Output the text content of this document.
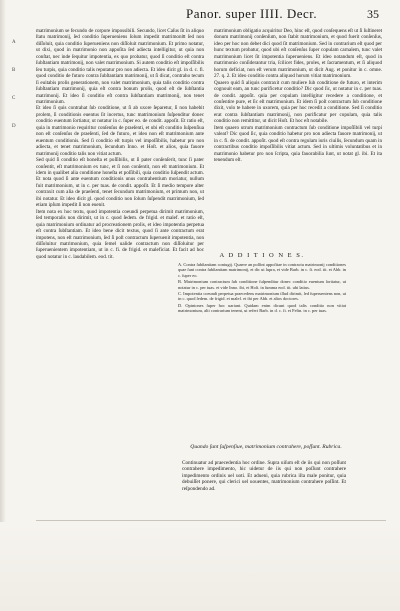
Panor. super IIII. Decr.	35
A
B
C
D

matrimonium se fecundo de corpore impossibili. Secundo, licet Caſus ſit in aliquo ſtatu matrimonij, ſed conditio ſuperueniens ſolum impedit matrimoniu̅ ſed non diſſoluit, quia conditio ſuperueniens non diſſoluit matrimonium. Et primo notatur, ut dixi, quod in matrimonio non appoſita ſed adiecta intelligitur, ut quia non conſtat, nec inde ſequitur impotentia, ex quo probatur, quod ſi conditio eſt contra ſubſtantiam matrimonij, non valet matrimonium. Si autem conditio eſt impoſſibilis ſeu turpis, quia conditio talis reputatur pro non adiecta. Et ideo dicit gl. in d. c. fi. quod conditio de futuro contra ſubſtantiam matrimonij, ut ſi dicat, contraho tecum ſi euitabis prolis generationem, non valet matrimonium, quia talis conditio contra ſubſtantiam matrimonij, quia eſt contra bonum prolis, quod eſt de ſubſtantia matrimonij. Et ideo ſi conditio eſt contra ſubſtantiam matrimonij, non tenet matrimonium.

Et ideo ſi quis contrahat ſub conditione, ut ſi ab uxore ſeparetur, ſi non habebit prolem, ſi conditionis euentus ſit incertus, tunc matrimonium ſuſpenditur donec conditio euentum ſortiatur, ut notatur in c. ſuper eo. de condit. appoſit. Et ratio eſt, quia in matrimonio requiritur conſenſus de praeſenti, et ubi eſt conditio ſuſpenſiua non eſt conſenſus de praeſenti, ſed de futuro, et ideo non eſt matrimonium ante euentum conditionis. Sed ſi conditio eſt turpis vel impoſſibilis, habetur pro non adiecta, et tenet matrimonium, ſecundum Inno. et Hoſt. et alios, quia fauore matrimonij conditio talis non vitiat actum.

Sed quid ſi conditio eſt honeſta et poſſibilis, ut ſi pater conſenſerit, tunc ſi pater conſentit, eſt matrimonium ex tunc, et ſi non conſentit, non eſt matrimonium. Et idem in qualibet alia conditione honeſta et poſſibili, quia conditio ſuſpendit actum. Et nota quod ſi ante euentum conditionis unus contrahentium moriatur, nullum fuit matrimonium, ut in c. per tuas. de condit. appoſit. Et ſi medio tempore alter contraxit cum alia de praeſenti, tenet ſecundum matrimonium, et primum non, ut ibi notatur. Et ideo dicit gl. quod conditio non ſolum ſuſpendit matrimonium, ſed etiam ipſum impedit ſi non euenit.

Item nota ex hoc textu, quod impotentia coeundi perpetua dirimit matrimonium, ſed temporalis non dirimit, ut in c. quod ſedem. de frigid. et malef. et ratio eſt, quia matrimonium ordinatur ad procreationem prolis, et ideo impotentia perpetua eſt contra ſubſtantiam. Et ideo bene dicit textus, quod ſi ante contractum erat impotens, non eſt matrimonium, ſed ſi poſt contractum ſuperuenit impotentia, non diſſoluitur matrimonium, quia ſemel ualide contractum non diſſoluitur per ſuperuenientem impotentiam, ut in c. fi. de frigid. et maleficiat. Et facit ad hoc quod notatur in c. laudabilem. eod. tit.

matrimonium obligatio acquiritur Deo, hinc eſt, quod conſequens eſt ut ſi ſuſtineret donum matrimonij conſenſum, non ſtabit matrimonium, et quod fuerit conſenſus, ideo per hoc non debet dici quod ſit matrimonium. Sed in contrarium eſt quod per hunc textum probatur, quod ubi eſt conſenſus ſuper copulam carnalem, tunc valet matrimonium licet ſit impotentia ſuperueniens. Et ideo notandum eſt, quod in matrimonio conſiderantur tria, ſcilicet fides, proles, et ſacramentum, et ſi aliquod horum deficiat, non eſt verum matrimonium, ut dicit Aug. et ponitur in c. omne. 27. q. 2. Et ideo conditio contra aliquod horum vitiat matrimonium.

Quaero quid ſi aliquis contraxit cum muliere ſub conditione de futuro, et interim cognouit eam, an tunc purificetur conditio? Dic quod ſic, ut notatur in c. per tuas. de condit. appoſit. quia per copulam intelligitur recedere a conditione, et conſentire pure, et ſic eſt matrimonium. Et idem ſi poſt contractum ſub conditione dixit, volo te habere in uxorem, quia per hoc recedit a conditione. Sed ſi conditio erat contra ſubſtantiam matrimonij, non purificatur per copulam, quia talis conditio non remittitur, ut dicit Hoſt. Et hoc eſt notabile.

Item quaero utrum matrimonium contractum ſub conditione impoſſibili vel turpi valeat? Dic quod ſic, quia conditio habetur pro non adiecta fauore matrimonij, ut in c. fi. de condit. appoſit. quod eſt contra regulam iuris ciuilis, ſecundum quam in contractibus conditio impoſſibilis vitiat actum. Sed in ultimis voluntatibus et in matrimonio habetur pro non ſcripta, quia fauorabilia ſunt, ut notat gl. ibi. Et ita tenendum eſt.

A D D I T I O N E S.

A. Contra ſubſtantiam coniugij. Quaere an poſſint appoſitae in contractu matrimonij conditiones quae ſunt contra ſubſtantiam matrimonij, et dic ut ſupra, et vide Barb. in c. fi. eod. tit. et Abb. in c. ſuper eo.

B. Matrimonium contractum ſub conditione ſuſpenditur donec conditio euentum ſortiatur, ut notatur in c. per tuas. et vide Inno. ibi, et Hoſt. in ſumma eod. tit. ubi latius.

C. Impotentia coeundi perpetua praecedens matrimonium illud dirimit, ſed ſuperueniens non, ut in c. quod ſedem. de frigid. et malef. et ibi per Abb. et alios doctores.

D. Opiniones ſuper hoc uariant. Quidam enim dicunt quod talis conditio non vitiat matrimonium, alii contrarium tenent, ut refert Barb. in d. c. fi. et Felin. in c. per tuas.

Quando ſunt ſuſpenſiue, matrimonium contrahere, poſſunt. Rubrica.
Continuatur ad praecedentia hoc ordine. Supra uiſum eſt de iis qui non poſſunt contrahere impedimento, hic uidetur de iis qui non poſſunt contrahere impedimento ordinis uel uoti. Et adueni, quia rubrica iſta male ponitur, quia debuiſſet ponere, qui clerici uel uouentes, matrimonium contrahere poſſint. Et reſpondendo ad.
